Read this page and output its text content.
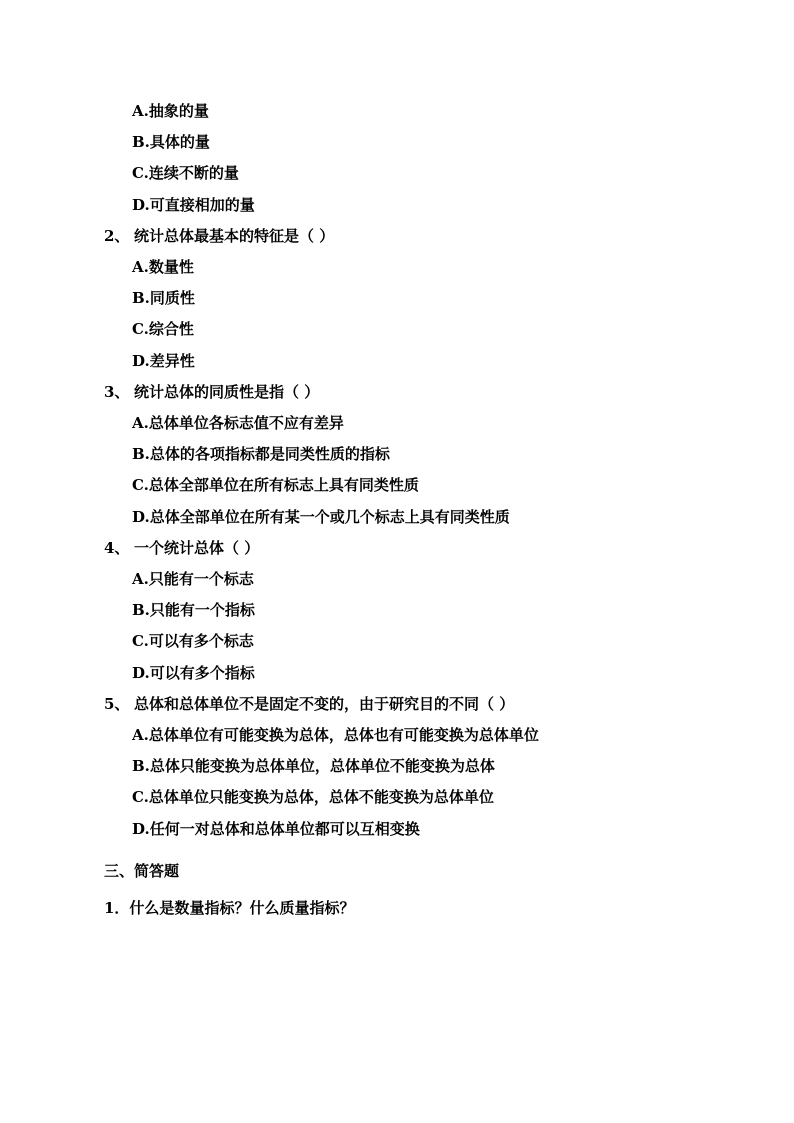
A.抽象的量
B.具体的量
C.连续不断的量
D.可直接相加的量
2、 统计总体最基本的特征是（ ）
A.数量性
B.同质性
C.综合性
D.差异性
3、 统计总体的同质性是指（ ）
A.总体单位各标志值不应有差异
B.总体的各项指标都是同类性质的指标
C.总体全部单位在所有标志上具有同类性质
D.总体全部单位在所有某一个或几个标志上具有同类性质
4、 一个统计总体（ ）
A.只能有一个标志
B.只能有一个指标
C.可以有多个标志
D.可以有多个指标
5、 总体和总体单位不是固定不变的，由于研究目的不同（ ）
A.总体单位有可能变换为总体，总体也有可能变换为总体单位
B.总体只能变换为总体单位，总体单位不能变换为总体
C.总体单位只能变换为总体，总体不能变换为总体单位
D.任何一对总体和总体单位都可以互相变换
三、简答题
1．什么是数量指标？什么质量指标？
